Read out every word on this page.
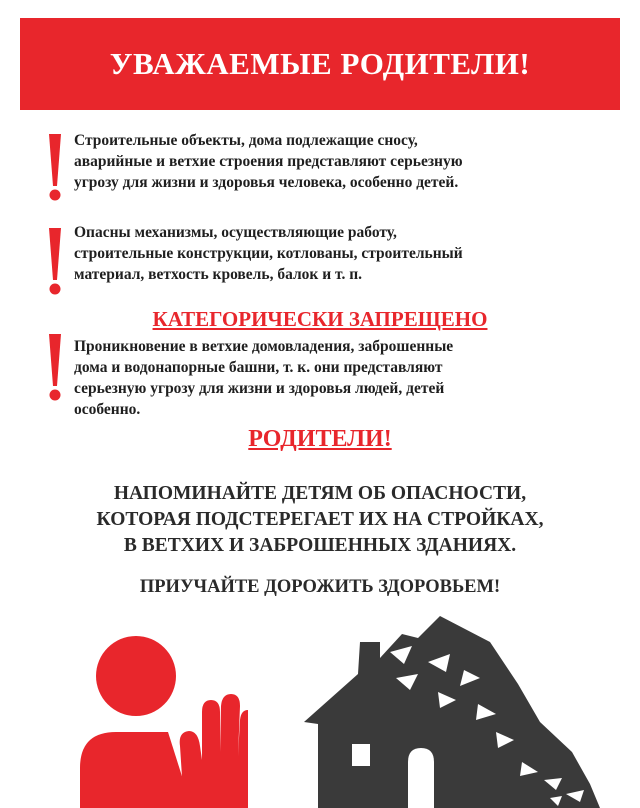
УВАЖАЕМЫЕ РОДИТЕЛИ!
Строительные объекты, дома подлежащие сносу,
аварийные и ветхие строения представляют серьезную
угрозу для жизни и здоровья человека, особенно детей.
Опасны механизмы, осуществляющие работу,
строительные конструкции, котлованы, строительный
материал, ветхость кровель, балок и т. п.
КАТЕГОРИЧЕСКИ ЗАПРЕЩЕНО
Проникновение в ветхие домовладения, заброшенные
дома и водонапорные башни, т. к. они представляют
серьезную угрозу для жизни и здоровья людей, детей
особенно.
РОДИТЕЛИ!
НАПОМИНАЙТЕ ДЕТЯМ ОБ ОПАСНОСТИ,
КОТОРАЯ ПОДСТЕРЕГАЕТ ИХ НА СТРОЙКАХ,
В ВЕТХИХ И ЗАБРОШЕННЫХ ЗДАНИЯХ.
ПРИУЧАЙТЕ ДОРОЖИТЬ ЗДОРОВЬЕМ!
